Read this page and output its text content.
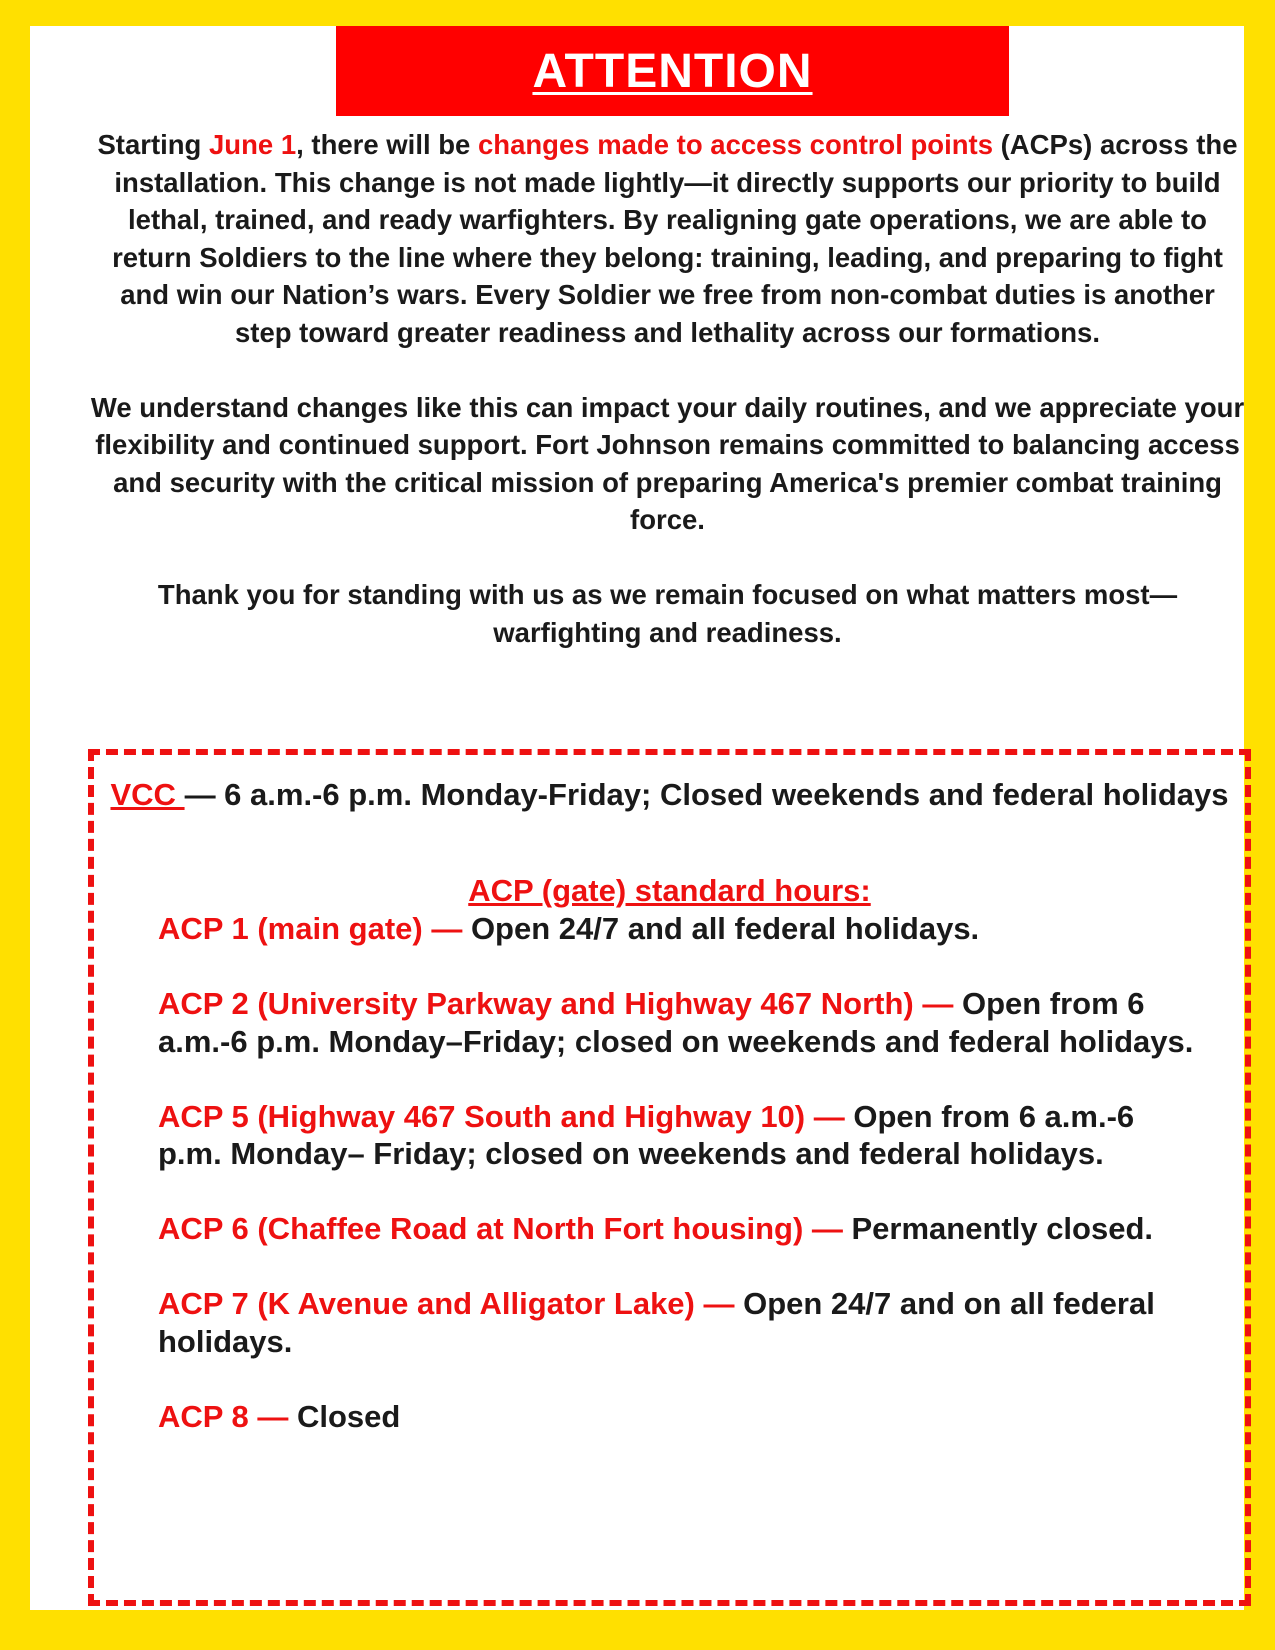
ATTENTION

Starting June 1, there will be changes made to access control points (ACPs) across the installation. This change is not made lightly—it directly supports our priority to build lethal, trained, and ready warfighters. By realigning gate operations, we are able to return Soldiers to the line where they belong: training, leading, and preparing to fight and win our Nation’s wars. Every Soldier we free from non-combat duties is another step toward greater readiness and lethality across our formations.

We understand changes like this can impact your daily routines, and we appreciate your flexibility and continued support. Fort Johnson remains committed to balancing access and security with the critical mission of preparing America's premier combat training force.

Thank you for standing with us as we remain focused on what matters most—warfighting and readiness.

VCC — 6 a.m.-6 p.m. Monday-Friday; Closed weekends and federal holidays
ACP (gate) standard hours:
ACP 1 (main gate) — Open 24/7 and all federal holidays.
ACP 2 (University Parkway and Highway 467 North) — Open from 6 a.m.-6 p.m. Monday–Friday; closed on weekends and federal holidays.
ACP 5 (Highway 467 South and Highway 10) — Open from 6 a.m.-6 p.m. Monday– Friday; closed on weekends and federal holidays.
ACP 6 (Chaffee Road at North Fort housing) — Permanently closed.
ACP 7 (K Avenue and Alligator Lake) — Open 24/7 and on all federal holidays.
ACP 8 — Closed
